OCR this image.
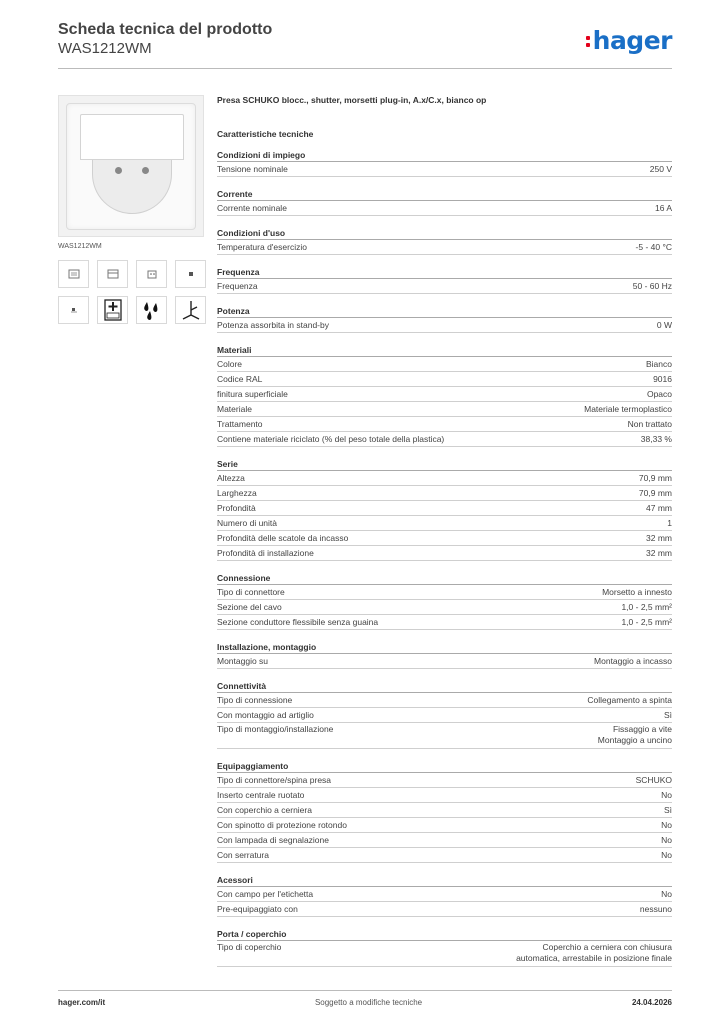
Scheda tecnica del prodotto
WAS1212WM	hager
WAS1212WM
Presa SCHUKO blocc., shutter, morsetti plug-in, A.x/C.x, bianco op
Caratteristiche tecniche
Condizioni di impiego
Tensione nominale	250 V
Corrente
Corrente nominale	16 A
Condizioni d'uso
Temperatura d'esercizio	-5 - 40 °C
Frequenza
Frequenza	50 - 60 Hz
Potenza
Potenza assorbita in stand-by	0 W
Materiali
Colore	Bianco
Codice RAL	9016
finitura superficiale	Opaco
Materiale	Materiale termoplastico
Trattamento	Non trattato
Contiene materiale riciclato (% del peso totale della plastica)	38,33 %
Serie
Altezza	70,9 mm
Larghezza	70,9 mm
Profondità	47 mm
Numero di unità	1
Profondità delle scatole da incasso	32 mm
Profondità di installazione	32 mm
Connessione
Tipo di connettore	Morsetto a innesto
Sezione del cavo	1,0 - 2,5 mm²
Sezione conduttore flessibile senza guaina	1,0 - 2,5 mm²
Installazione, montaggio
Montaggio su	Montaggio a incasso
Connettività
Tipo di connessione	Collegamento a spinta
Con montaggio ad artiglio	Sì
Tipo di montaggio/installazione	Fissaggio a vite
Montaggio a uncino
Equipaggiamento
Tipo di connettore/spina presa	SCHUKO
Inserto centrale ruotato	No
Con coperchio a cerniera	Sì
Con spinotto di protezione rotondo	No
Con lampada di segnalazione	No
Con serratura	No
Acessori
Con campo per l'etichetta	No
Pre-equipaggiato con	nessuno
Porta / coperchio
Tipo di coperchio	Coperchio a cerniera con chiusura
automatica, arrestabile in posizione finale
hager.com/it	Soggetto a modifiche tecniche	24.04.2026
